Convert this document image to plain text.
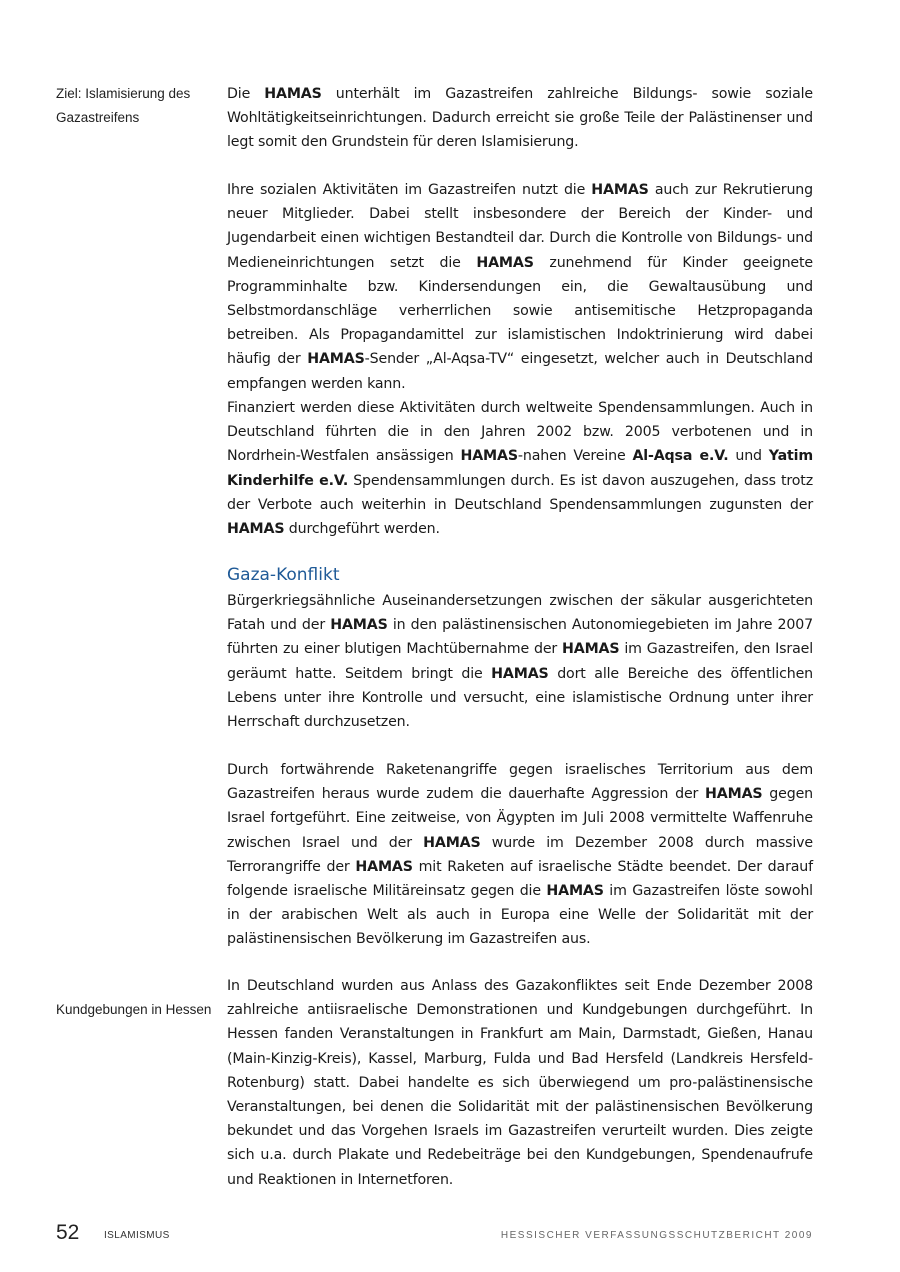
Ziel: Islamisierung des Gazastreifens

Die HAMAS unterhält im Gazastreifen zahlreiche Bildungs- sowie soziale Wohltätigkeitseinrichtungen. Dadurch erreicht sie große Teile der Palästinenser und legt somit den Grundstein für deren Islamisierung.

Ihre sozialen Aktivitäten im Gazastreifen nutzt die HAMAS auch zur Rekrutierung neuer Mitglieder. Dabei stellt insbesondere der Bereich der Kinder- und Jugendarbeit einen wichtigen Bestandteil dar. Durch die Kontrolle von Bildungs- und Medieneinrichtungen setzt die HAMAS zunehmend für Kinder geeignete Programminhalte bzw. Kindersendungen ein, die Gewaltausübung und Selbstmordanschläge verherrlichen sowie antisemitische Hetzpropaganda betreiben. Als Propagandamittel zur islamistischen Indoktrinierung wird dabei häufig der HAMAS-Sender „Al-Aqsa-TV“ eingesetzt, welcher auch in Deutschland empfangen werden kann.

Finanziert werden diese Aktivitäten durch weltweite Spendensammlungen. Auch in Deutschland führten die in den Jahren 2002 bzw. 2005 verbotenen und in Nordrhein-Westfalen ansässigen HAMAS-nahen Vereine Al-Aqsa e.V. und Yatim Kinderhilfe e.V. Spendensammlungen durch. Es ist davon auszugehen, dass trotz der Verbote auch weiterhin in Deutschland Spendensammlungen zugunsten der HAMAS durchgeführt werden.

Gaza-Konflikt

Bürgerkriegsähnliche Auseinandersetzungen zwischen der säkular ausgerichteten Fatah und der HAMAS in den palästinensischen Autonomiegebieten im Jahre 2007 führten zu einer blutigen Machtübernahme der HAMAS im Gazastreifen, den Israel geräumt hatte. Seitdem bringt die HAMAS dort alle Bereiche des öffentlichen Lebens unter ihre Kontrolle und versucht, eine islamistische Ordnung unter ihrer Herrschaft durchzusetzen.

Durch fortwährende Raketenangriffe gegen israelisches Territorium aus dem Gazastreifen heraus wurde zudem die dauerhafte Aggression der HAMAS gegen Israel fortgeführt. Eine zeitweise, von Ägypten im Juli 2008 vermittelte Waffenruhe zwischen Israel und der HAMAS wurde im Dezember 2008 durch massive Terrorangriffe der HAMAS mit Raketen auf israelische Städte beendet. Der darauf folgende israelische Militäreinsatz gegen die HAMAS im Gazastreifen löste sowohl in der arabischen Welt als auch in Europa eine Welle der Solidarität mit der palästinensischen Bevölkerung im Gazastreifen aus.

Kundgebungen in Hessen

In Deutschland wurden aus Anlass des Gazakonfliktes seit Ende Dezember 2008 zahlreiche antiisraelische Demonstrationen und Kundgebungen durchgeführt. In Hessen fanden Veranstaltungen in Frankfurt am Main, Darmstadt, Gießen, Hanau (Main-Kinzig-Kreis), Kassel, Marburg, Fulda und Bad Hersfeld (Landkreis Hersfeld-Rotenburg) statt. Dabei handelte es sich überwiegend um pro-palästinensische Veranstaltungen, bei denen die Solidarität mit der palästinensischen Bevölkerung bekundet und das Vorgehen Israels im Gazastreifen verurteilt wurden. Dies zeigte sich u.a. durch Plakate und Redebeiträge bei den Kundgebungen, Spendenaufrufe und Reaktionen in Internetforen.

52 ISLAMISMUS	HESSISCHER VERFASSUNGSSCHUTZBERICHT 2009
